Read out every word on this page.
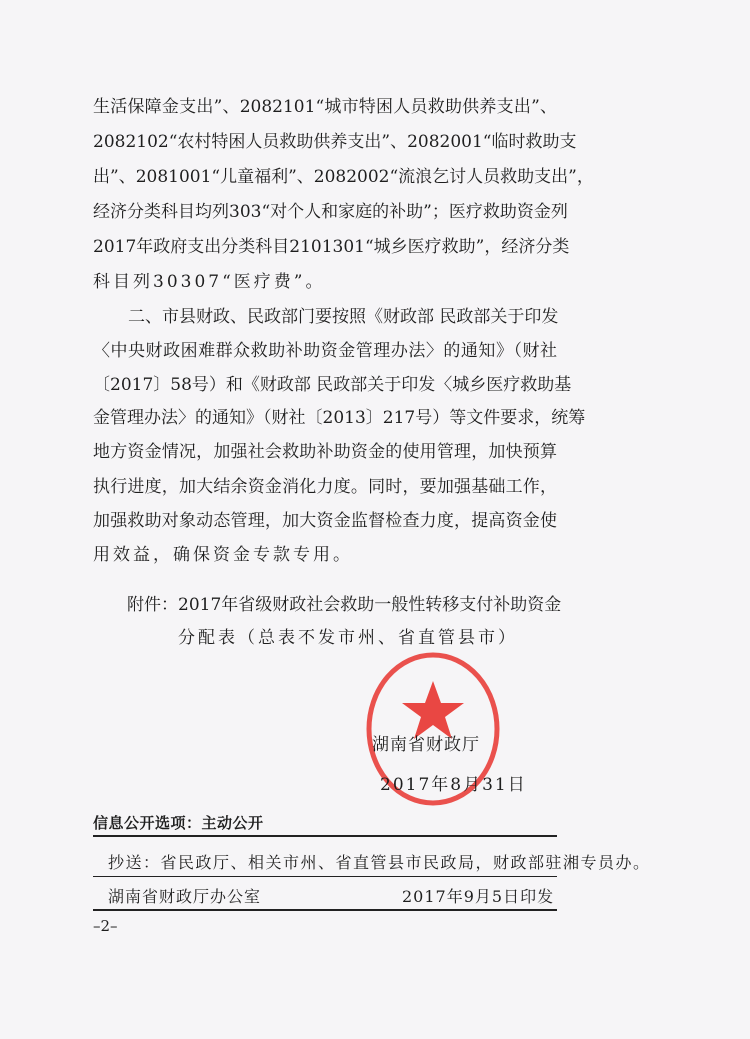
生活保障金支出”、2082101“城市特困人员救助供养支出”、
2082102“农村特困人员救助供养支出”、2082001“临时救助支
出”、2081001“儿童福利”、2082002“流浪乞讨人员救助支出”，
经济分类科目均列303“对个人和家庭的补助”；医疗救助资金列
2017年政府支出分类科目2101301“城乡医疗救助”，经济分类
科目列30307“医疗费”。
二、市县财政、民政部门要按照《财政部 民政部关于印发
〈中央财政困难群众救助补助资金管理办法〉的通知》（财社
〔2017〕58号）和《财政部 民政部关于印发〈城乡医疗救助基
金管理办法〉的通知》（财社〔2013〕217号）等文件要求，统筹
地方资金情况，加强社会救助补助资金的使用管理，加快预算
执行进度，加大结余资金消化力度。同时，要加强基础工作，
加强救助对象动态管理，加大资金监督检查力度，提高资金使
用效益，确保资金专款专用。
附件：2017年省级财政社会救助一般性转移支付补助资金
分配表（总表不发市州、省直管县市）
湖南省财政厅
2017年8月31日
信息公开选项：主动公开
抄送：省民政厅、相关市州、省直管县市民政局，财政部驻湘专员办。
湖南省财政厅办公室	2017年9月5日印发
–2–
